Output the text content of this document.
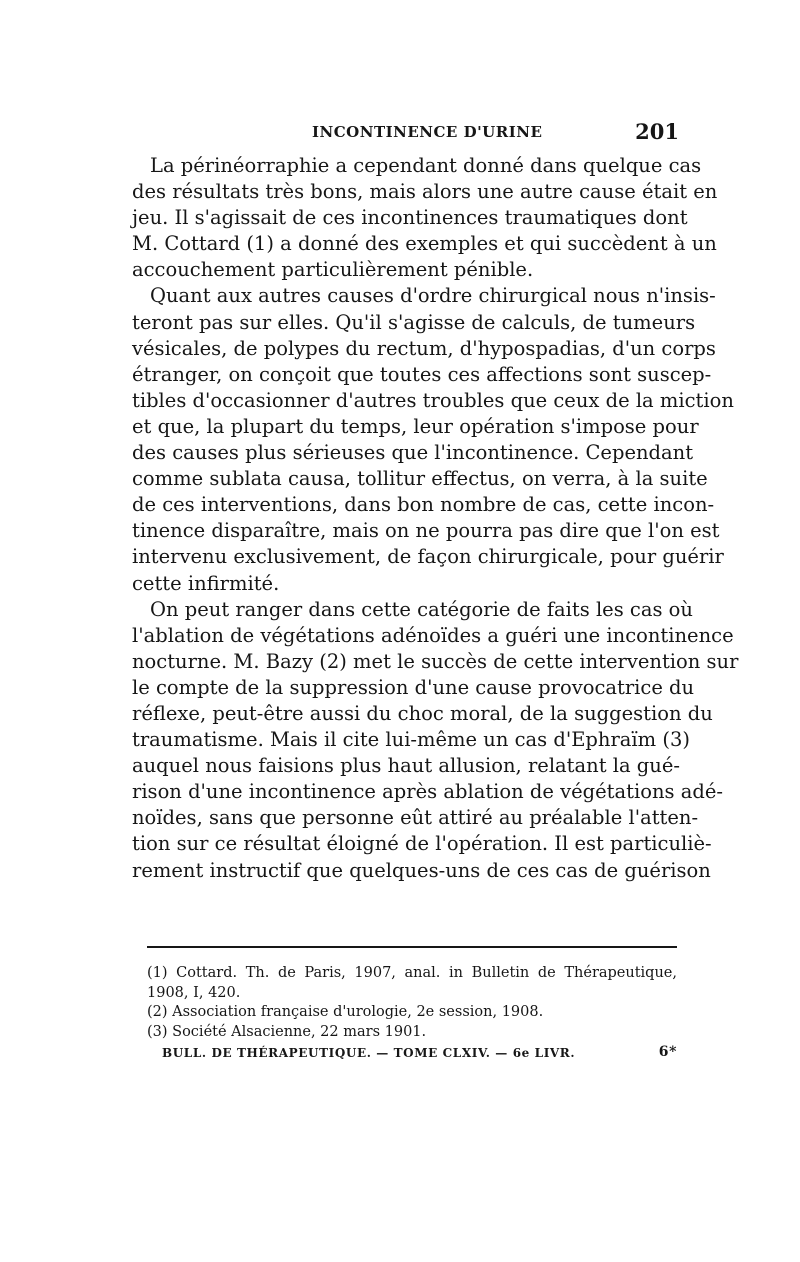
INCONTINENCE D'URINE	201
La périnéorraphie a cependant donné dans quelque cas
des résultats très bons, mais alors une autre cause était en
jeu. Il s'agissait de ces incontinences traumatiques dont
M. Cottard (1) a donné des exemples et qui succèdent à un
accouchement particulièrement pénible.
Quant aux autres causes d'ordre chirurgical nous n'insis-
teront pas sur elles. Qu'il s'agisse de calculs, de tumeurs
vésicales, de polypes du rectum, d'hypospadias, d'un corps
étranger, on conçoit que toutes ces affections sont suscep-
tibles d'occasionner d'autres troubles que ceux de la miction
et que, la plupart du temps, leur opération s'impose pour
des causes plus sérieuses que l'incontinence. Cependant
comme sublata causa, tollitur effectus, on verra, à la suite
de ces interventions, dans bon nombre de cas, cette incon-
tinence disparaître, mais on ne pourra pas dire que l'on est
intervenu exclusivement, de façon chirurgicale, pour guérir
cette infirmité.
On peut ranger dans cette catégorie de faits les cas où
l'ablation de végétations adénoïdes a guéri une incontinence
nocturne. M. Bazy (2) met le succès de cette intervention sur
le compte de la suppression d'une cause provocatrice du
réflexe, peut-être aussi du choc moral, de la suggestion du
traumatisme. Mais il cite lui-même un cas d'Ephraïm (3)
auquel nous faisions plus haut allusion, relatant la gué-
rison d'une incontinence après ablation de végétations adé-
noïdes, sans que personne eût attiré au préalable l'atten-
tion sur ce résultat éloigné de l'opération. Il est particuliè-
rement instructif que quelques-uns de ces cas de guérison
(1) Cottard. Th. de Paris, 1907, anal. in Bulletin de Thérapeutique,
1908, I, 420.
(2) Association française d'urologie, 2e session, 1908.
(3) Société Alsacienne, 22 mars 1901.
BULL. DE THÉRAPEUTIQUE. — TOME CLXIV. — 6e LIVR.	6*
